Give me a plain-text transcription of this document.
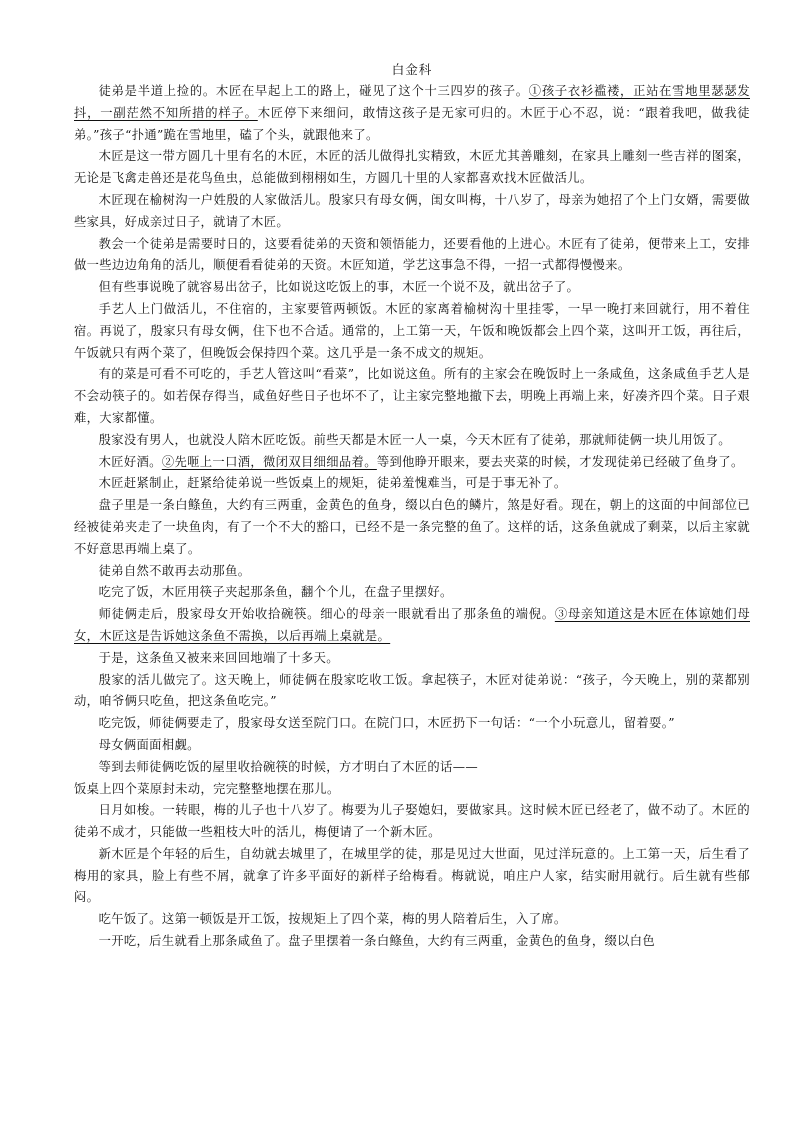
白金科

徒弟是半道上捡的。木匠在早起上工的路上，碰见了这个十三四岁的孩子。①孩子衣衫褴褛，正站在雪地里瑟瑟发抖，一副茫然不知所措的样子。木匠停下来细问，敢情这孩子是无家可归的。木匠于心不忍，说：“跟着我吧，做我徒弟。”孩子“扑通”跪在雪地里，磕了个头，就跟他来了。

木匠是这一带方圆几十里有名的木匠，木匠的活儿做得扎实精致，木匠尤其善雕刻，在家具上雕刻一些吉祥的图案，无论是飞禽走兽还是花鸟鱼虫，总能做到栩栩如生，方圆几十里的人家都喜欢找木匠做活儿。

木匠现在榆树沟一户姓殷的人家做活儿。殷家只有母女俩，闺女叫梅，十八岁了，母亲为她招了个上门女婿，需要做些家具，好成亲过日子，就请了木匠。

教会一个徒弟是需要时日的，这要看徒弟的天资和领悟能力，还要看他的上进心。木匠有了徒弟，便带来上工，安排做一些边边角角的活儿，顺便看看徒弟的天资。木匠知道，学艺这事急不得，一招一式都得慢慢来。

但有些事说晚了就容易出岔子，比如说这吃饭上的事，木匠一个说不及，就出岔子了。

手艺人上门做活儿，不住宿的，主家要管两顿饭。木匠的家离着榆树沟十里挂零，一早一晚打来回就行，用不着住宿。再说了，殷家只有母女俩，住下也不合适。通常的，上工第一天，午饭和晚饭都会上四个菜，这叫开工饭，再往后，午饭就只有两个菜了，但晚饭会保持四个菜。这几乎是一条不成文的规矩。

有的菜是可看不可吃的，手艺人管这叫“看菜”，比如说这鱼。所有的主家会在晚饭时上一条咸鱼，这条咸鱼手艺人是不会动筷子的。如若保存得当，咸鱼好些日子也坏不了，让主家完整地撤下去，明晚上再端上来，好凑齐四个菜。日子艰难，大家都懂。

殷家没有男人，也就没人陪木匠吃饭。前些天都是木匠一人一桌，今天木匠有了徒弟，那就师徒俩一块儿用饭了。

木匠好酒。②先咂上一口酒，微闭双目细细品着。等到他睁开眼来，要去夹菜的时候，才发现徒弟已经破了鱼身了。

木匠赶紧制止，赶紧给徒弟说一些饭桌上的规矩，徒弟羞愧难当，可是于事无补了。

盘子里是一条白鲦鱼，大约有三两重，金黄色的鱼身，缀以白色的鳞片，煞是好看。现在，朝上的这面的中间部位已经被徒弟夹走了一块鱼肉，有了一个不大的豁口，已经不是一条完整的鱼了。这样的话，这条鱼就成了剩菜，以后主家就不好意思再端上桌了。

徒弟自然不敢再去动那鱼。

吃完了饭，木匠用筷子夹起那条鱼，翻个个儿，在盘子里摆好。

师徒俩走后，殷家母女开始收拾碗筷。细心的母亲一眼就看出了那条鱼的端倪。③母亲知道这是木匠在体谅她们母女，木匠这是告诉她这条鱼不需换，以后再端上桌就是。

于是，这条鱼又被来来回回地端了十多天。

殷家的活儿做完了。这天晚上，师徒俩在殷家吃收工饭。拿起筷子，木匠对徒弟说：“孩子，今天晚上，别的菜都别动，咱爷俩只吃鱼，把这条鱼吃完。”

吃完饭，师徒俩要走了，殷家母女送至院门口。在院门口，木匠扔下一句话：“一个小玩意儿，留着耍。”

母女俩面面相觑。

等到去师徒俩吃饭的屋里收拾碗筷的时候，方才明白了木匠的话——

饭桌上四个菜原封未动，完完整整地摆在那儿。

日月如梭。一转眼，梅的儿子也十八岁了。梅要为儿子娶媳妇，要做家具。这时候木匠已经老了，做不动了。木匠的徒弟不成才，只能做一些粗枝大叶的活儿，梅便请了一个新木匠。

新木匠是个年轻的后生，自幼就去城里了，在城里学的徒，那是见过大世面，见过洋玩意的。上工第一天，后生看了梅用的家具，脸上有些不屑，就拿了许多平面好的新样子给梅看。梅就说，咱庄户人家，结实耐用就行。后生就有些郁闷。

吃午饭了。这第一顿饭是开工饭，按规矩上了四个菜，梅的男人陪着后生，入了席。

一开吃，后生就看上那条咸鱼了。盘子里摆着一条白鲦鱼，大约有三两重，金黄色的鱼身，缀以白色
